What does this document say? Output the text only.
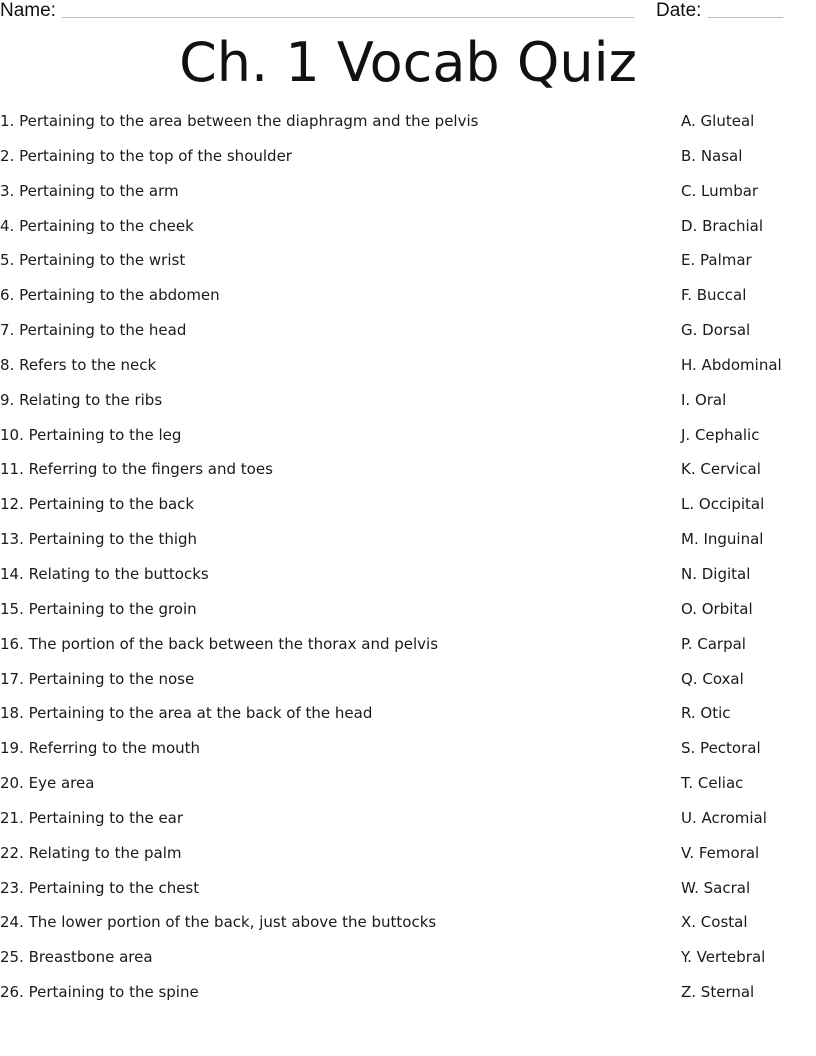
Name:	Date:
Ch. 1 Vocab Quiz
1. Pertaining to the area between the diaphragm and the pelvis	A. Gluteal
2. Pertaining to the top of the shoulder	B. Nasal
3. Pertaining to the arm	C. Lumbar
4. Pertaining to the cheek	D. Brachial
5. Pertaining to the wrist	E. Palmar
6. Pertaining to the abdomen	F. Buccal
7. Pertaining to the head	G. Dorsal
8. Refers to the neck	H. Abdominal
9. Relating to the ribs	I. Oral
10. Pertaining to the leg	J. Cephalic
11. Referring to the fingers and toes	K. Cervical
12. Pertaining to the back	L. Occipital
13. Pertaining to the thigh	M. Inguinal
14. Relating to the buttocks	N. Digital
15. Pertaining to the groin	O. Orbital
16. The portion of the back between the thorax and pelvis	P. Carpal
17. Pertaining to the nose	Q. Coxal
18. Pertaining to the area at the back of the head	R. Otic
19. Referring to the mouth	S. Pectoral
20. Eye area	T. Celiac
21. Pertaining to the ear	U. Acromial
22. Relating to the palm	V. Femoral
23. Pertaining to the chest	W. Sacral
24. The lower portion of the back, just above the buttocks	X. Costal
25. Breastbone area	Y. Vertebral
26. Pertaining to the spine	Z. Sternal
